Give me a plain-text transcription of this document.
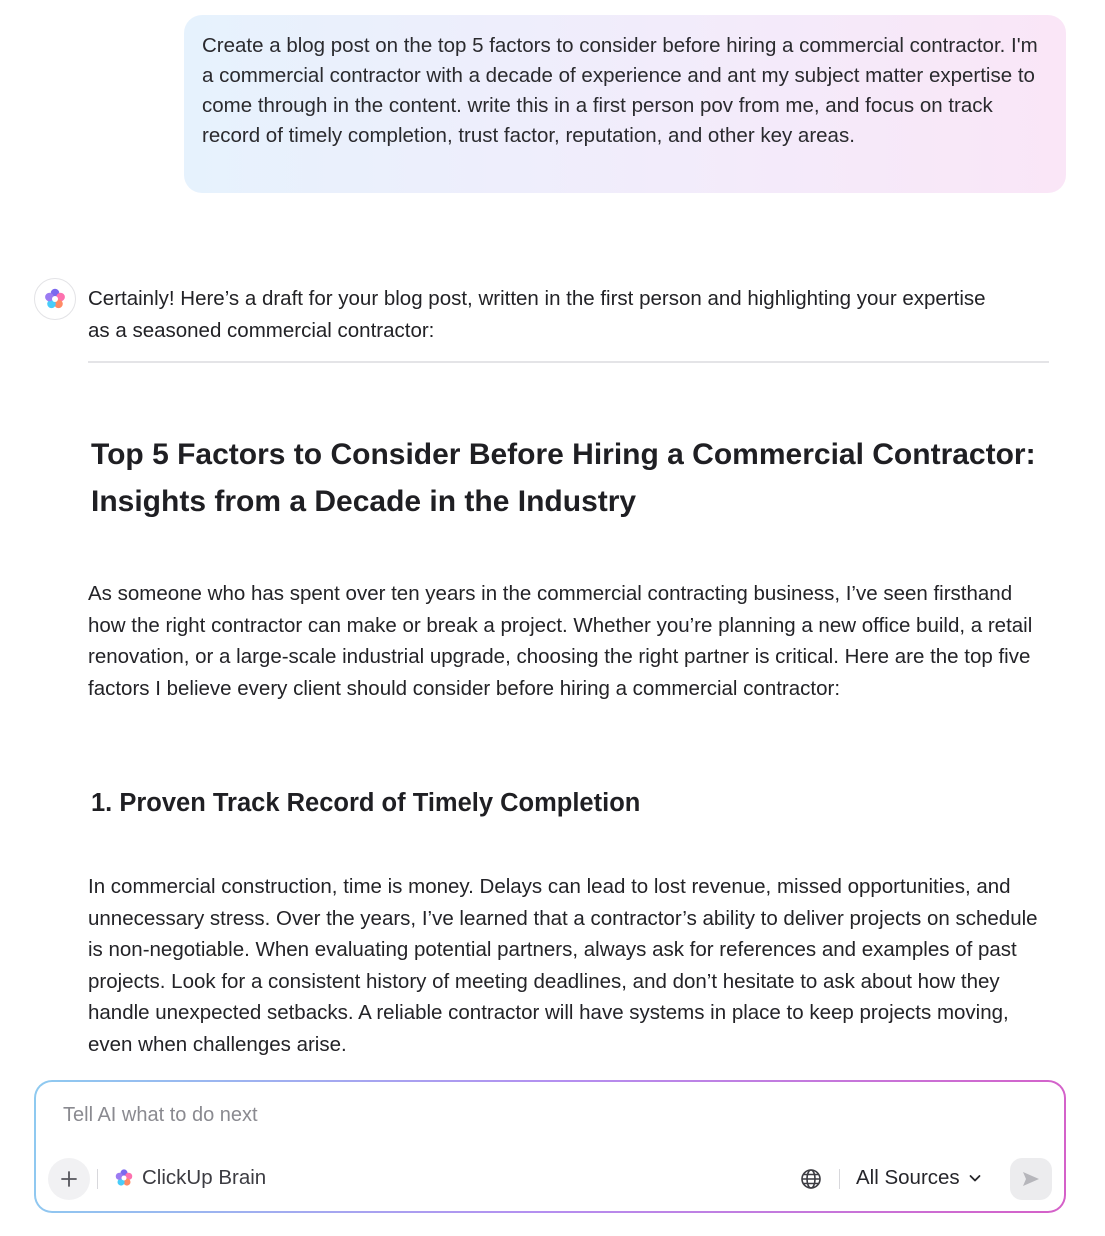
Create a blog post on the top 5 factors to consider before hiring a commercial contractor. I'm a commercial contractor with a decade of experience and ant my subject matter expertise to come through in the content. write this in a first person pov from me, and focus on track record of timely completion, trust factor, reputation, and other key areas.

Certainly! Here’s a draft for your blog post, written in the first person and highlighting your expertise as a seasoned commercial contractor:

Top 5 Factors to Consider Before Hiring a Commercial Contractor: Insights from a Decade in the Industry

As someone who has spent over ten years in the commercial contracting business, I’ve seen firsthand how the right contractor can make or break a project. Whether you’re planning a new office build, a retail renovation, or a large-scale industrial upgrade, choosing the right partner is critical. Here are the top five factors I believe every client should consider before hiring a commercial contractor:

1. Proven Track Record of Timely Completion

In commercial construction, time is money. Delays can lead to lost revenue, missed opportunities, and unnecessary stress. Over the years, I’ve learned that a contractor’s ability to deliver projects on schedule is non-negotiable. When evaluating potential partners, always ask for references and examples of past projects. Look for a consistent history of meeting deadlines, and don’t hesitate to ask about how they handle unexpected setbacks. A reliable contractor will have systems in place to keep projects moving, even when challenges arise.

Tell AI what to do next
ClickUp Brain	All Sources
